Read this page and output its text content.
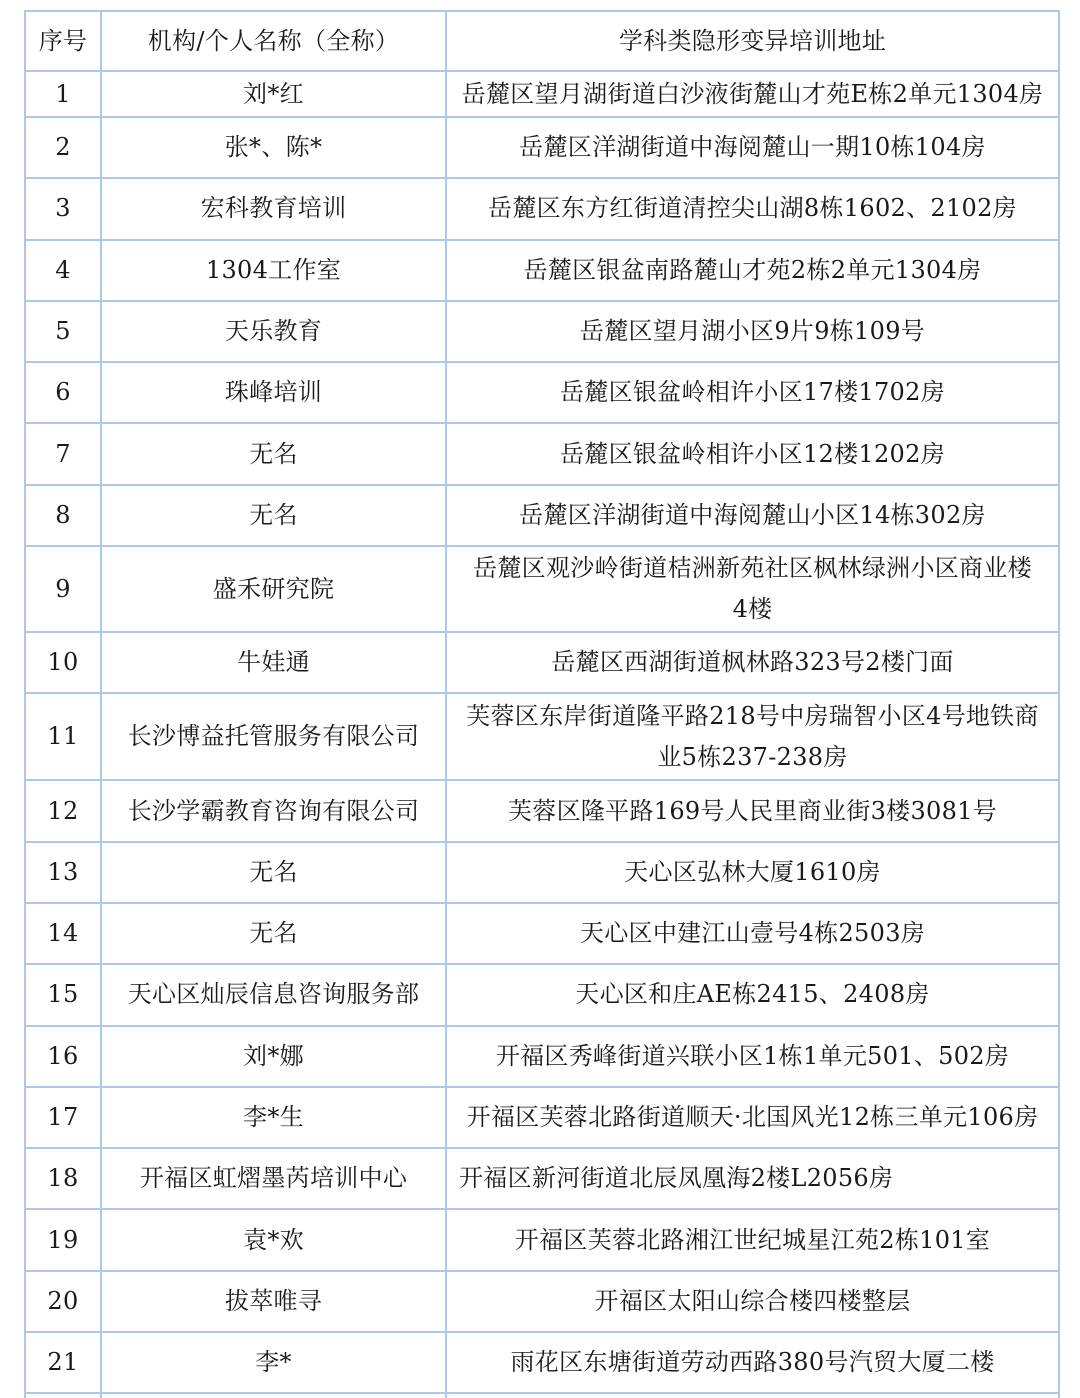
序号	机构/个人名称（全称）	学科类隐形变异培训地址

1	刘*红	岳麓区望月湖街道白沙液街麓山才苑E栋2单元1304房

2	张*、陈*	岳麓区洋湖街道中海阅麓山一期10栋104房

3	宏科教育培训	岳麓区东方红街道清控尖山湖8栋1602、2102房

4	1304工作室	岳麓区银盆南路麓山才苑2栋2单元1304房

5	天乐教育	岳麓区望月湖小区9片9栋109号

6	珠峰培训	岳麓区银盆岭相许小区17楼1702房

7	无名	岳麓区银盆岭相许小区12楼1202房

8	无名	岳麓区洋湖街道中海阅麓山小区14栋302房

9	盛禾研究院	岳麓区观沙岭街道桔洲新苑社区枫林绿洲小区商业楼
4楼

10	牛娃通	岳麓区西湖街道枫林路323号2楼门面

11	长沙博益托管服务有限公司	芙蓉区东岸街道隆平路218号中房瑞智小区4号地铁商
业5栋237-238房

12	长沙学霸教育咨询有限公司	芙蓉区隆平路169号人民里商业街3楼3081号

13	无名	天心区弘林大厦1610房

14	无名	天心区中建江山壹号4栋2503房

15	天心区灿辰信息咨询服务部	天心区和庄AE栋2415、2408房

16	刘*娜	开福区秀峰街道兴联小区1栋1单元501、502房

17	李*生	开福区芙蓉北路街道顺天·北国风光12栋三单元106房

18	开福区虹熠墨芮培训中心	开福区新河街道北辰凤凰海2楼L2056房

19	袁*欢	开福区芙蓉北路湘江世纪城星江苑2栋101室

20	拔萃唯寻	开福区太阳山综合楼四楼整层

21	李*	雨花区东塘街道劳动西路380号汽贸大厦二楼
